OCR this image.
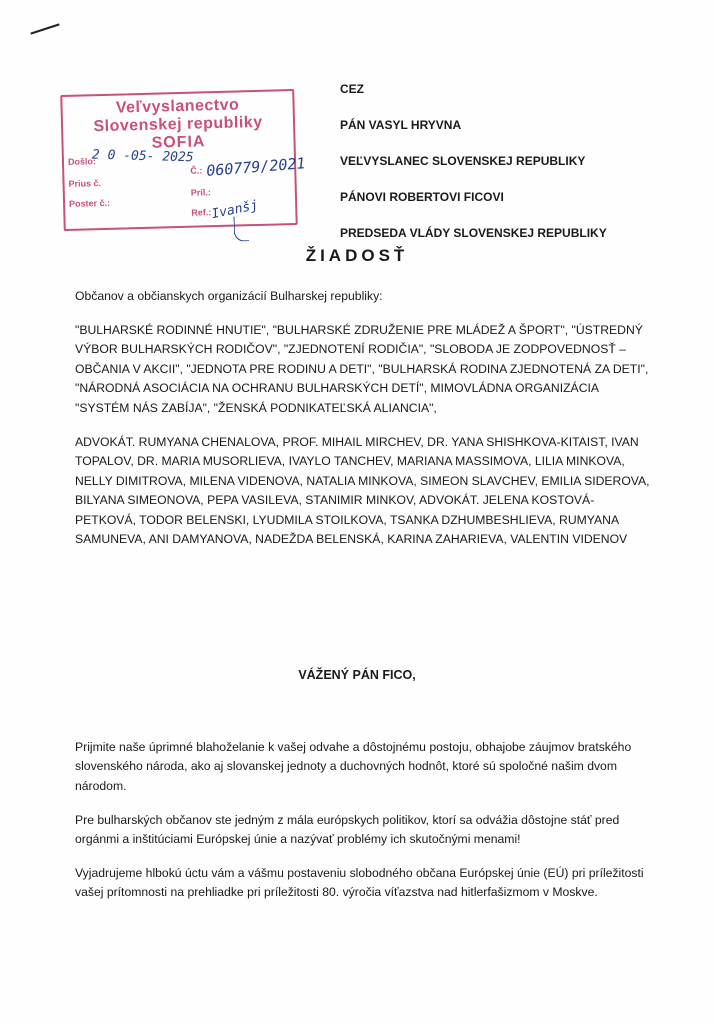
Veľvyslanectvo
Slovenskej republiky
SOFIA
Došlo:
Prius č.
Poster č.:
Č.:
Príl.:
Ref.:
2 0 -05- 2025 060779/2021
Ivanšj
CEZ
PÁN VASYL HRYVNA
VEĽVYSLANEC SLOVENSKEJ REPUBLIKY
PÁNOVI ROBERTOVI FICOVI
PREDSEDA VLÁDY SLOVENSKEJ REPUBLIKY
ŽIADOSŤ
Občanov a občianskych organizácií Bulharskej republiky:
"BULHARSKÉ RODINNÉ HNUTIE", "BULHARSKÉ ZDRUŽENIE PRE MLÁDEŽ A ŠPORT", "ÚSTREDNÝ VÝBOR BULHARSKÝCH RODIČOV", "ZJEDNOTENÍ RODIČIA", "SLOBODA JE ZODPOVEDNOSŤ – OBČANIA V AKCII", "JEDNOTA PRE RODINU A DETI", "BULHARSKÁ RODINA ZJEDNOTENÁ ZA DETI", "NÁRODNÁ ASOCIÁCIA NA OCHRANU BULHARSKÝCH DETÍ", MIMOVLÁDNA ORGANIZÁCIA "SYSTÉM NÁS ZABÍJA", "ŽENSKÁ PODNIKATEĽSKÁ ALIANCIA",
ADVOKÁT. RUMYANA CHENALOVA, PROF. MIHAIL MIRCHEV, DR. YANA SHISHKOVA-KITAIST, IVAN TOPALOV, DR. MARIA MUSORLIEVA, IVAYLO TANCHEV, MARIANA MASSIMOVA, LILIA MINKOVA, NELLY DIMITROVA, MILENA VIDENOVA, NATALIA MINKOVA, SIMEON SLAVCHEV, EMILIA SIDEROVA, BILYANA SIMEONOVA, PEPA VASILEVA, STANIMIR MINKOV, ADVOKÁT. JELENA KOSTOVÁ-PETKOVÁ, TODOR BELENSKI, LYUDMILA STOILKOVA, TSANKA DZHUMBESHLIEVA, RUMYANA SAMUNEVA, ANI DAMYANOVA, NADEŽDA BELENSKÁ, KARINA ZAHARIEVA, VALENTIN VIDENOV
VÁŽENÝ PÁN FICO,
Prijmite naše úprimné blahoželanie k vašej odvahe a dôstojnému postoju, obhajobe záujmov bratského slovenského národa, ako aj slovanskej jednoty a duchovných hodnôt, ktoré sú spoločné našim dvom národom.
Pre bulharských občanov ste jedným z mála európskych politikov, ktorí sa odvážia dôstojne stáť pred orgánmi a inštitúciami Európskej únie a nazývať problémy ich skutočnými menami!
Vyjadrujeme hlbokú úctu vám a vášmu postaveniu slobodného občana Európskej únie (EÚ) pri príležitosti vašej prítomnosti na prehliadke pri príležitosti 80. výročia víťazstva nad hitlerfašizmom v Moskve.
